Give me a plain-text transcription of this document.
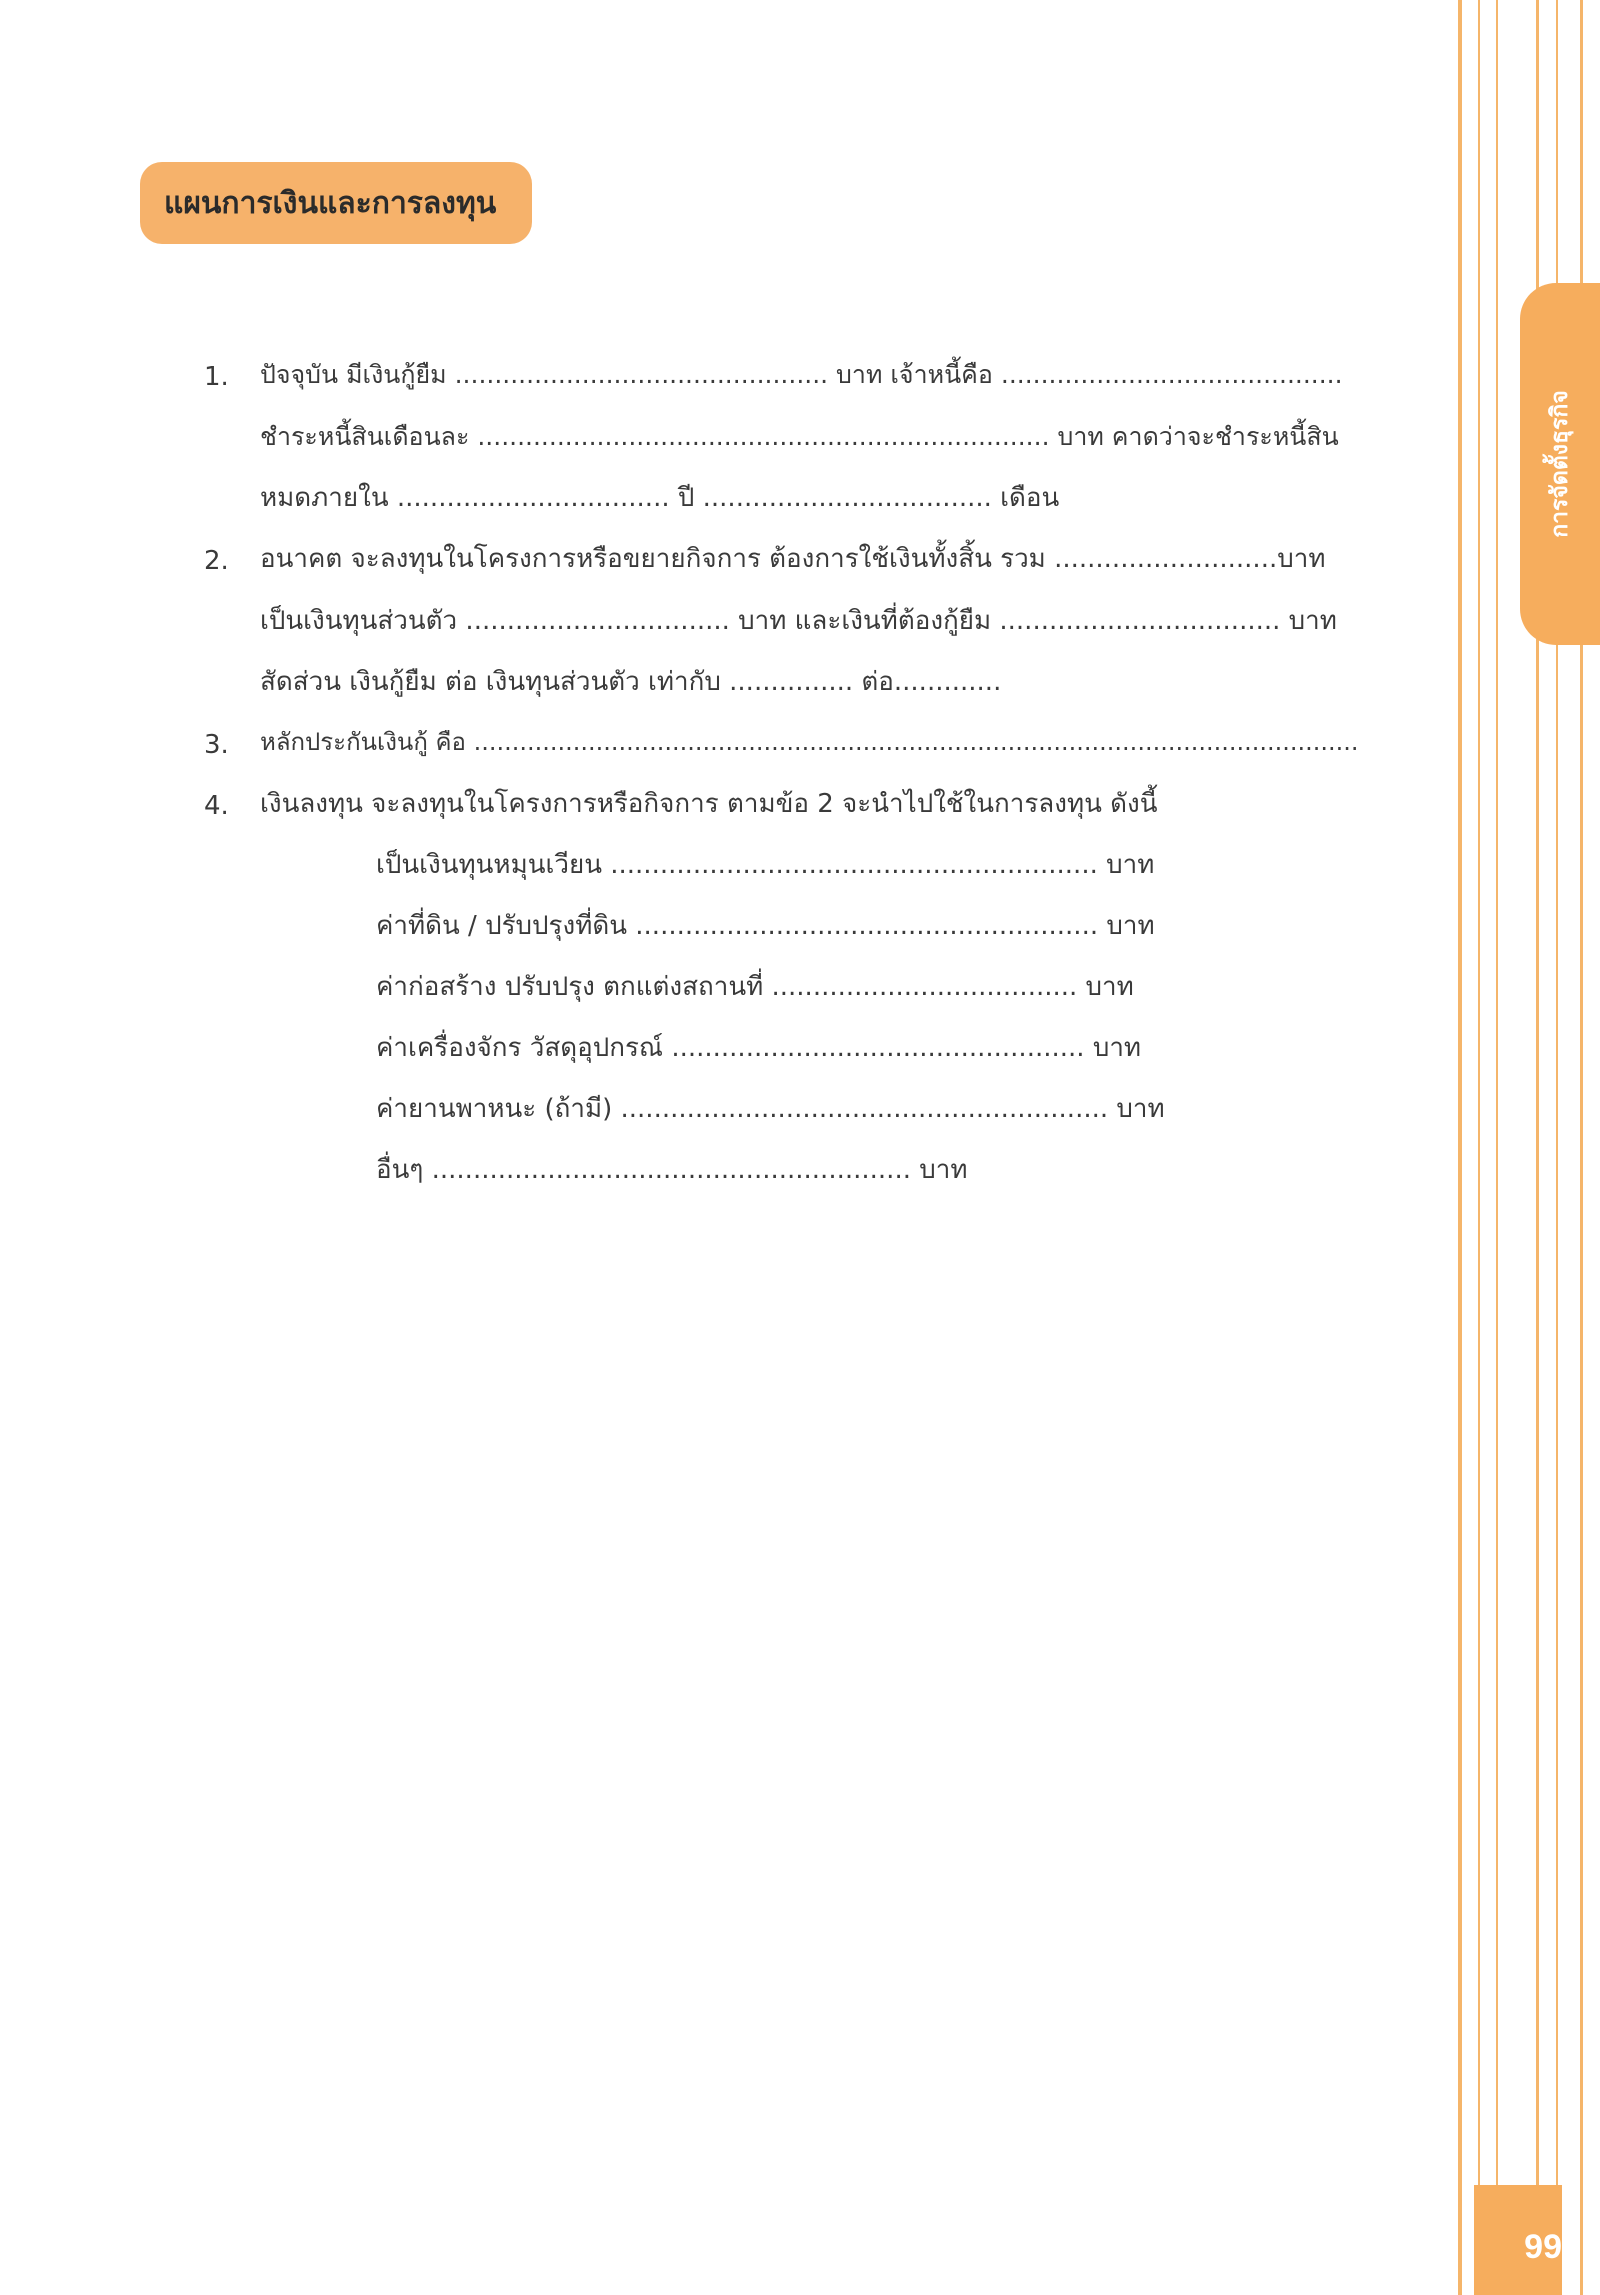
การจัดตั้งธุรกิจ
แผนการเงินและการลงทุน
1. ปัจจุบัน มีเงินกู้ยืม ............................................... บาท เจ้าหนี้คือ ...........................................
ชำระหนี้สินเดือนละ ........................................................................ บาท คาดว่าจะชำระหนี้สิน
หมดภายใน ................................. ปี ................................... เดือน
2. อนาคต จะลงทุนในโครงการหรือขยายกิจการ ต้องการใช้เงินทั้งสิ้น รวม ...........................บาท
เป็นเงินทุนส่วนตัว ................................ บาท และเงินที่ต้องกู้ยืม .................................. บาท
สัดส่วน เงินกู้ยืม ต่อ เงินทุนส่วนตัว เท่ากับ ............... ต่อ.............
3. หลักประกันเงินกู้ คือ ....................................................................................................................
4. เงินลงทุน จะลงทุนในโครงการหรือกิจการ ตามข้อ 2 จะนำไปใช้ในการลงทุน ดังนี้
เป็นเงินทุนหมุนเวียน ........................................................... บาท
ค่าที่ดิน / ปรับปรุงที่ดิน ........................................................ บาท
ค่าก่อสร้าง ปรับปรุง ตกแต่งสถานที่ ..................................... บาท
ค่าเครื่องจักร วัสดุอุปกรณ์ .................................................. บาท
ค่ายานพาหนะ (ถ้ามี) ........................................................... บาท
อื่นๆ .......................................................... บาท
99
